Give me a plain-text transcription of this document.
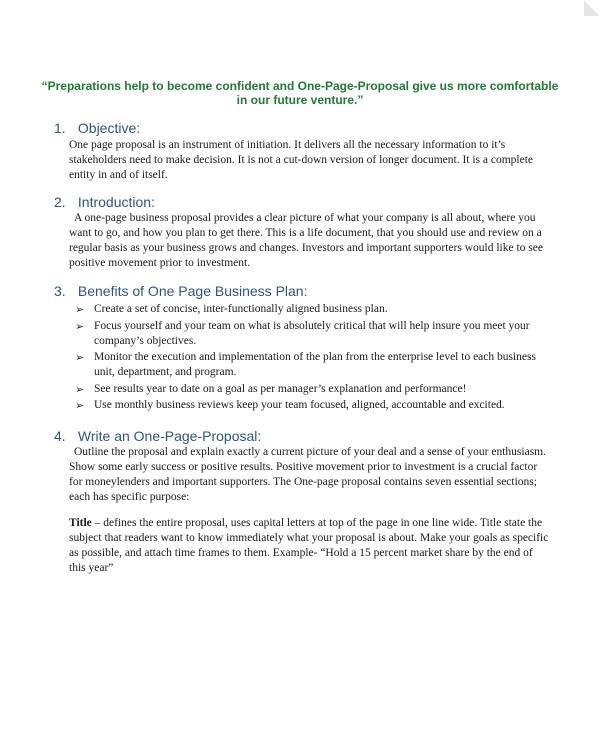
“Preparations help to become confident and One-Page-Proposal give us more comfortable in our future venture.”
1. Objective:

One page proposal is an instrument of initiation. It delivers all the necessary information to it’s stakeholders need to make decision. It is not a cut-down version of longer document. It is a complete entity in and of itself.

2. Introduction:

A one-page business proposal provides a clear picture of what your company is all about, where you want to go, and how you plan to get there. This is a life document, that you should use and review on a regular basis as your business grows and changes. Investors and important supporters would like to see positive movement prior to investment.

3. Benefits of One Page Business Plan:
➢ Create a set of concise, inter-functionally aligned business plan.
➢ Focus yourself and your team on what is absolutely critical that will help insure you meet your company’s objectives.
➢ Monitor the execution and implementation of the plan from the enterprise level to each business unit, department, and program.
➢ See results year to date on a goal as per manager’s explanation and performance!
➢ Use monthly business reviews keep your team focused, aligned, accountable and excited.
4. Write an One-Page-Proposal:

Outline the proposal and explain exactly a current picture of your deal and a sense of your enthusiasm. Show some early success or positive results. Positive movement prior to investment is a crucial factor for moneylenders and important supporters. The One-page proposal contains seven essential sections; each has specific purpose:

Title – defines the entire proposal, uses capital letters at top of the page in one line wide. Title state the subject that readers want to know immediately what your proposal is about. Make your goals as specific as possible, and attach time frames to them. Example- “Hold a 15 percent market share by the end of this year”
